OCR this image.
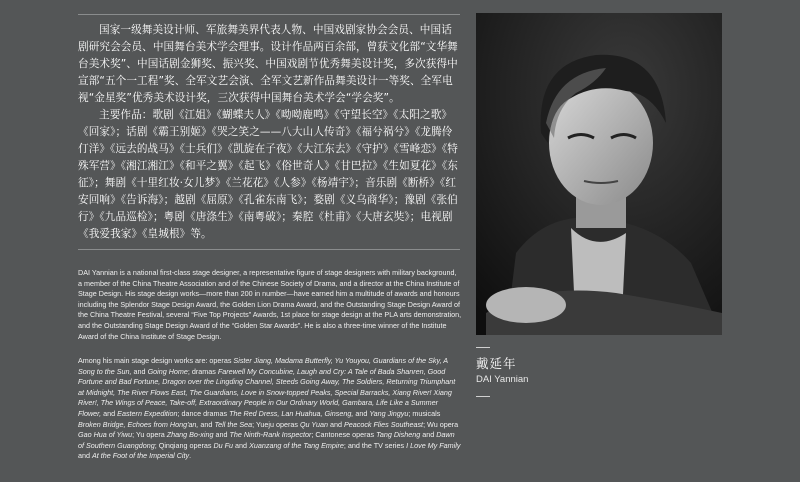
国家一级舞美设计师、军旅舞美界代表人物、中国戏剧家协会会员、中国话剧研究会会员、中国舞台美术学会理事。设计作品两百余部，曾获文化部“文华舞台美术奖”、中国话剧金狮奖、振兴奖、中国戏剧节优秀舞美设计奖，多次获得中宣部“五个一工程”奖、全军文艺会演、全军文艺新作品舞美设计一等奖、全军电视“金星奖”优秀美术设计奖，三次获得中国舞台美术学会“学会奖”。

主要作品：歌剧《江姐》《蝴蝶夫人》《呦呦鹿鸣》《守望长空》《太阳之歌》《回家》；话剧《霸王别姬》《哭之笑之——八大山人传奇》《福兮祸兮》《龙腾伶仃洋》《远去的战马》《士兵们》《凯旋在子夜》《大江东去》《守护》《雪峰恋》《特殊军营》《湘江湘江》《和平之翼》《起飞》《俗世奇人》《甘巴拉》《生如夏花》《东征》；舞剧《十里红妆·女儿梦》《兰花花》《人参》《杨靖宇》；音乐剧《断桥》《红安回响》《告诉海》；越剧《屈原》《孔雀东南飞》；婺剧《义乌商华》；豫剧《张伯行》《九品巡检》；粤剧《唐涤生》《南粤破》；秦腔《杜甫》《大唐玄奘》；电视剧《我爱我家》《皇城根》等。

DAI Yannian is a national first-class stage designer, a representative figure of stage designers with military background, a member of the China Theatre Association and of the Chinese Society of Drama, and a director at the China Institute of Stage Design. His stage design works—more than 200 in number—have earned him a multitude of awards and honours including the Splendor Stage Design Award, the Golden Lion Drama Award, and the Outstanding Stage Design Award of the China Theatre Festival, several “Five Top Projects” Awards, 1st place for stage design at the PLA arts demonstration, and the Outstanding Stage Design Award of the “Golden Star Awards”. He is also a three-time winner of the Institute Award of the China Institute of Stage Design.

Among his main stage design works are: operas Sister Jiang, Madama Butterfly, Yu Youyou, Guardians of the Sky, A Song to the Sun, and Going Home; dramas Farewell My Concubine, Laugh and Cry: A Tale of Bada Shanren, Good Fortune and Bad Fortune, Dragon over the Lingding Channel, Steeds Going Away, The Soldiers, Returning Triumphant at Midnight, The River Flows East, The Guardians, Love in Snow-topped Peaks, Special Barracks, Xiang River! Xiang River!, The Wings of Peace, Take-off, Extraordinary People in Our Ordinary World, Gambara, Life Like a Summer Flower, and Eastern Expedition; dance dramas The Red Dress, Lan Huahua, Ginseng, and Yang Jingyu; musicals Broken Bridge, Echoes from Hong'an, and Tell the Sea; Yueju operas Qu Yuan and Peacock Flies Southeast; Wu opera Gao Hua of Yiwu; Yu opera Zhang Bo-xing and The Ninth-Rank Inspector; Cantonese operas Tang Disheng and Dawn of Southern Guangdong; Qinqiang operas Du Fu and Xuanzang of the Tang Empire; and the TV series I Love My Family and At the Foot of the Imperial City.

戴延年
DAI Yannian
